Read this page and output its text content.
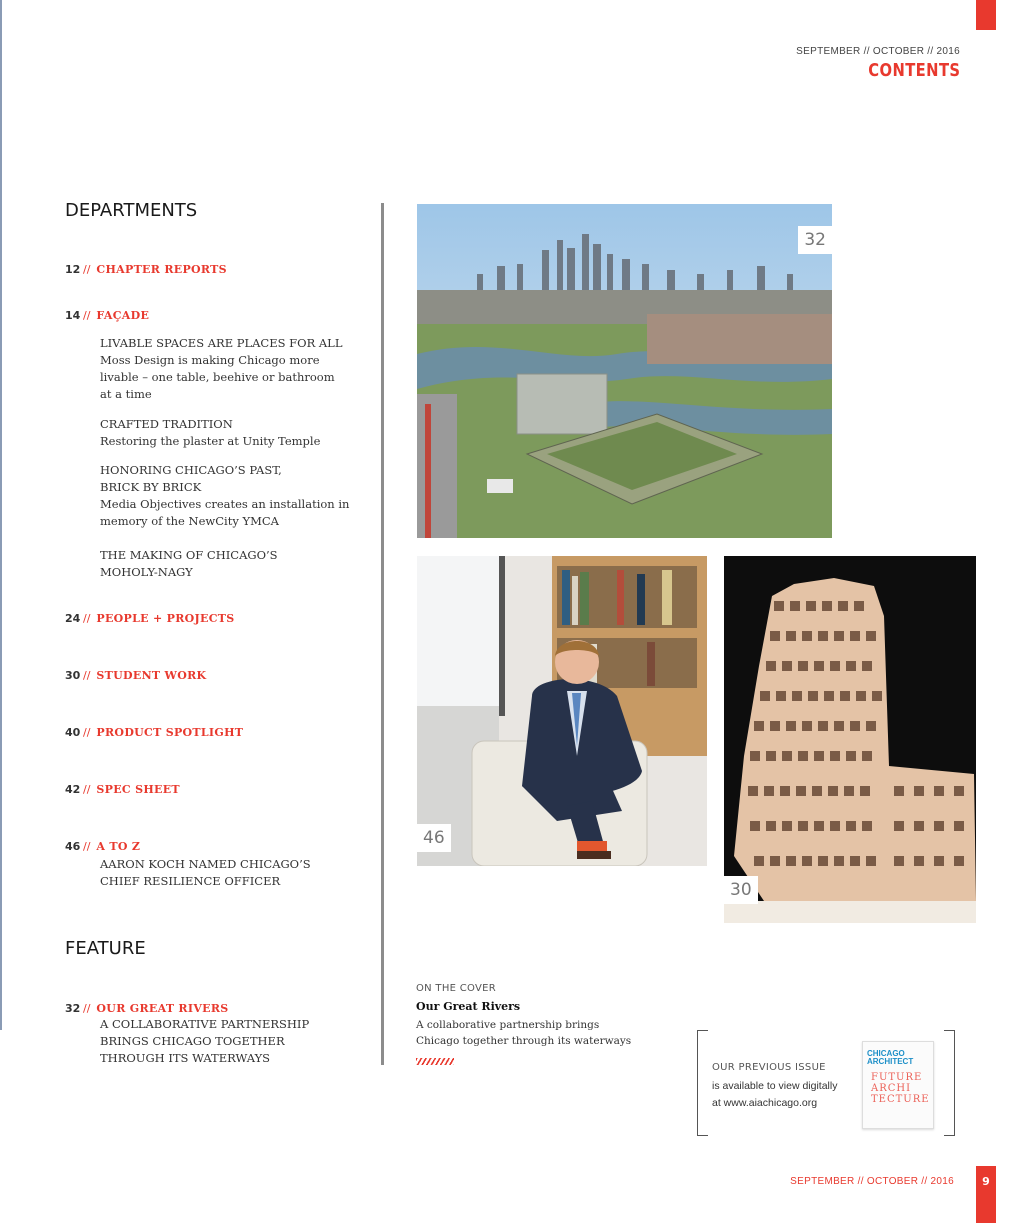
SEPTEMBER // OCTOBER // 2016
CONTENTS
DEPARTMENTS
12 // CHAPTER REPORTS
14 // FAÇADE
LIVABLE SPACES ARE PLACES FOR ALL
Moss Design is making Chicago more
livable – one table, beehive or bathroom
at a time
CRAFTED TRADITION
Restoring the plaster at Unity Temple
HONORING CHICAGO’S PAST,
BRICK BY BRICK
Media Objectives creates an installation in
memory of the NewCity YMCA
THE MAKING OF CHICAGO’S
MOHOLY-NAGY
24 // PEOPLE + PROJECTS
30 // STUDENT WORK
40 // PRODUCT SPOTLIGHT
42 // SPEC SHEET
46 // A TO Z
AARON KOCH NAMED CHICAGO’S
CHIEF RESILIENCE OFFICER
FEATURE
32 // OUR GREAT RIVERS
A COLLABORATIVE PARTNERSHIP
BRINGS CHICAGO TOGETHER
THROUGH ITS WATERWAYS
32
46
30
ON THE COVER
Our Great Rivers
A collaborative partnership brings
Chicago together through its waterways
OUR PREVIOUS ISSUE
is available to view digitally
at www.aiachicago.org
CHICAGO
ARCHITECT
FUTURE
ARCHI
TECTURE
SEPTEMBER // OCTOBER // 2016	9
